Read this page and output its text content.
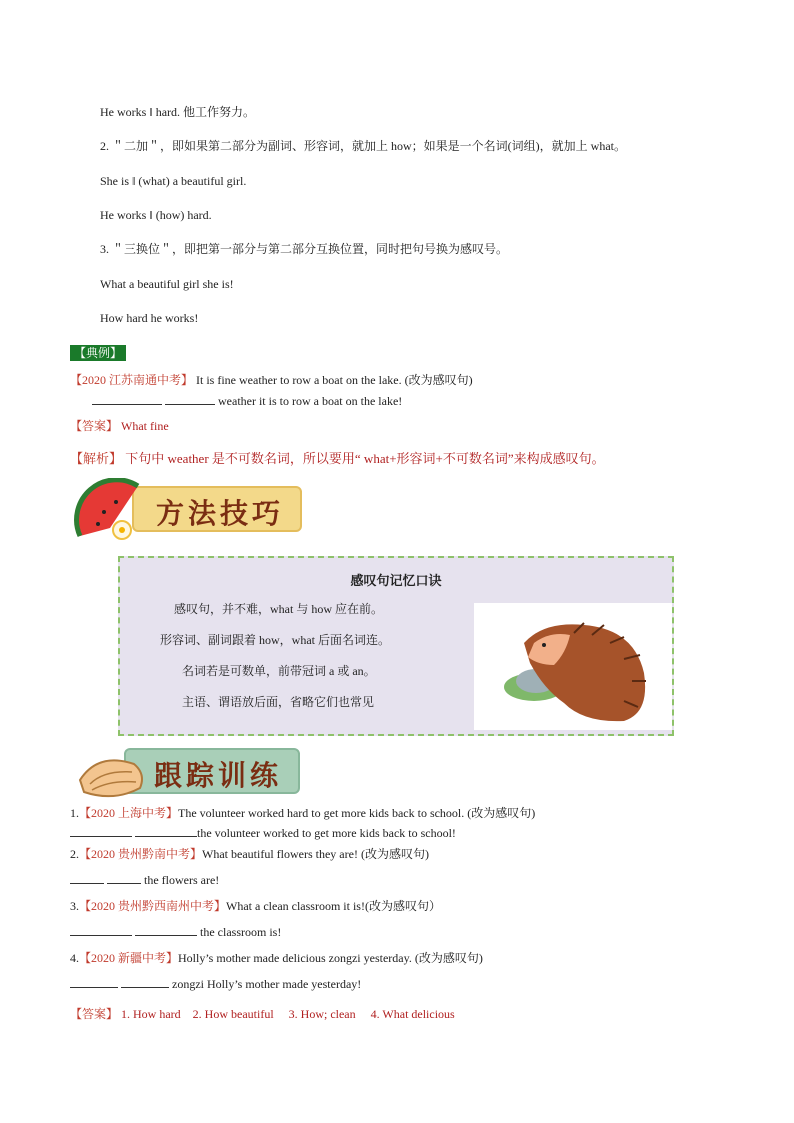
He works ‖ hard. 他工作努力。
2. ＂二加＂，即如果第二部分为副词、形容词，就加上 how；如果是一个名词(词组)，就加上 what。
She is ‖ (what) a beautiful girl.
He works ‖ (how) hard.
3. ＂三换位＂，即把第一部分与第二部分互换位置，同时把句号换为感叹号。
What a beautiful girl she is!
How hard he works!
【典例】
【2020 江苏南通中考】 It is fine weather to row a boat on the lake. (改为感叹句)
weather it is to row a boat on the lake!
【答案】 What fine
【解析】 下句中 weather 是不可数名词，所以要用“ what+形容词+不可数名词”来构成感叹句。
方法技巧
感叹句记忆口诀
感叹句，并不难，what 与 how 应在前。
形容词、副词跟着 how，what 后面名词连。
名词若是可数单，前带冠词 a 或 an。
主语、谓语放后面，省略它们也常见
跟踪训练
1.【2020 上海中考】The volunteer worked hard to get more kids back to school. (改为感叹句)
the volunteer worked to get more kids back to school!
2.【2020 贵州黔南中考】What beautiful flowers they are! (改为感叹句)
the flowers are!
3.【2020 贵州黔西南州中考】What a clean classroom it is!(改为感叹句）
the classroom is!
4.【2020 新疆中考】Holly’s mother made delicious zongzi yesterday. (改为感叹句)
zongzi Holly’s mother made yesterday!
【答案】 1. How hard    2. How beautiful     3. How; clean     4. What delicious
